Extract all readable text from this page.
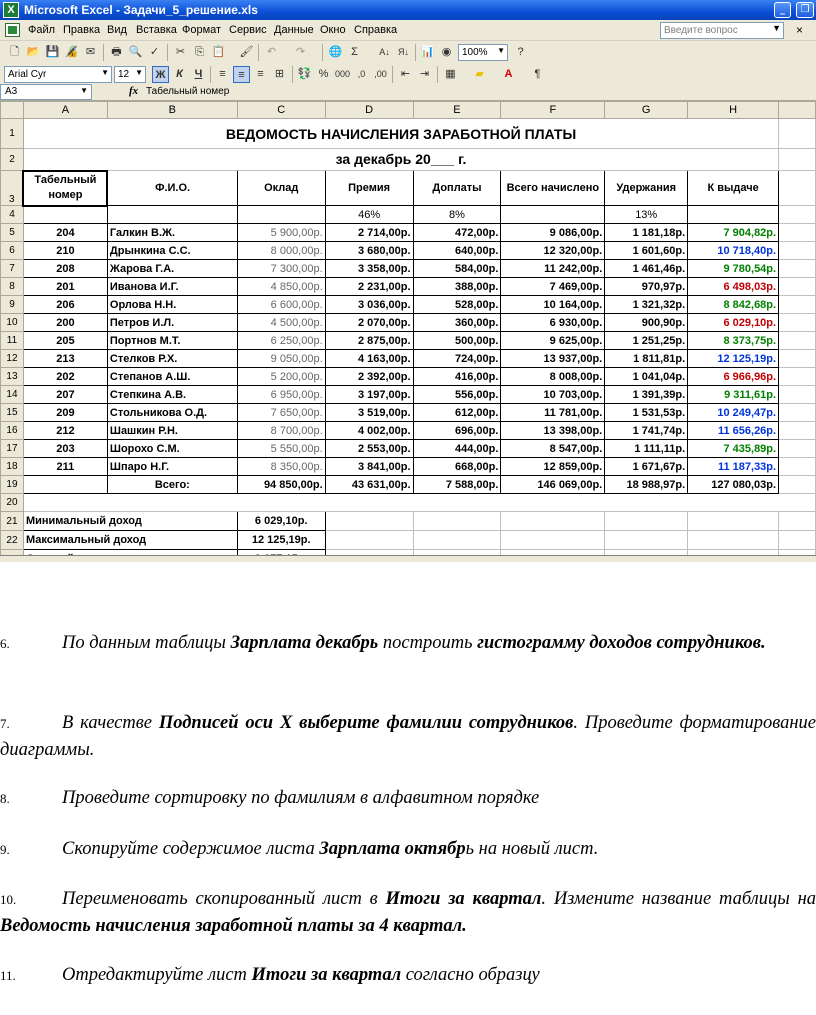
X Microsoft Excel - Задачи_5_решение.xls	_	❐
Файл Правка Вид Вставка Формат Сервис Данные Окно Справка	Введите вопрос	▼ ×
🗋 📂 💾 🔏 ✉	🖶 🔍 ✓	✂ ⎘ 📋 🖌	↶	↷	🌐 Σ	A↓ Я↓ 📊 ◉	100% ▼	?
Arial Cyr	▼ 12 ▼	Ж К	Ч	≡	≡	≡	⊞	💱 % 000 ,0 ,00	⇤ ⇥	▦	▰	A	¶
A3	▼	fx Табельный номер
	A	B	C	D	E	F	G	H	
1	ВЕДОМОСТЬ НАЧИСЛЕНИЯ ЗАРАБОТНОЙ ПЛАТЫ								
2	за декабрь 20___ г.								
3	Табельный номер	Ф.И.О.	Оклад	Премия	Доплаты	Всего начислено	Удержания	К выдаче	
4				46%	8%		13%		
5	204	Галкин В.Ж.	5 900,00р.	2 714,00р.	472,00р.	9 086,00р.	1 181,18р.	7 904,82р.	
6	210	Дрынкина С.С.	8 000,00р.	3 680,00р.	640,00р.	12 320,00р.	1 601,60р.	10 718,40р.	
7	208	Жарова Г.А.	7 300,00р.	3 358,00р.	584,00р.	11 242,00р.	1 461,46р.	9 780,54р.	
8	201	Иванова И.Г.	4 850,00р.	2 231,00р.	388,00р.	7 469,00р.	970,97р.	6 498,03р.	
9	206	Орлова Н.Н.	6 600,00р.	3 036,00р.	528,00р.	10 164,00р.	1 321,32р.	8 842,68р.	
10	200	Петров И.Л.	4 500,00р.	2 070,00р.	360,00р.	6 930,00р.	900,90р.	6 029,10р.	
11	205	Портнов М.Т.	6 250,00р.	2 875,00р.	500,00р.	9 625,00р.	1 251,25р.	8 373,75р.	
12	213	Стелков Р.Х.	9 050,00р.	4 163,00р.	724,00р.	13 937,00р.	1 811,81р.	12 125,19р.	
13	202	Степанов А.Ш.	5 200,00р.	2 392,00р.	416,00р.	8 008,00р.	1 041,04р.	6 966,96р.	
14	207	Степкина А.В.	6 950,00р.	3 197,00р.	556,00р.	10 703,00р.	1 391,39р.	9 311,61р.	
15	209	Стольникова О.Д.	7 650,00р.	3 519,00р.	612,00р.	11 781,00р.	1 531,53р.	10 249,47р.	
16	212	Шашкин Р.Н.	8 700,00р.	4 002,00р.	696,00р.	13 398,00р.	1 741,74р.	11 656,26р.	
17	203	Шорохо С.М.	5 550,00р.	2 553,00р.	444,00р.	8 547,00р.	1 111,11р.	7 435,89р.	
18	211	Шпаро Н.Г.	8 350,00р.	3 841,00р.	668,00р.	12 859,00р.	1 671,67р.	11 187,33р.	
19		Всего:	94 850,00р.	43 631,00р.	7 588,00р.	146 069,00р.	18 988,97р.	127 080,03р.	
20									
21	Минимальный доход		6 029,10р.						
22	Максимальный доход		12 125,19р.						

6.	По данным таблицы Зарплата декабрь построить гистограмму доходов сотрудников.
7.	В качестве Подписей оси X выберите фамилии сотрудников. Проведите форматирование диаграммы.
8.	Проведите сортировку по фамилиям в алфавитном порядке
9.	Скопируйте содержимое листа Зарплата октябрь на новый лист.
10. Переименовать скопированный лист в Итоги за квартал. Измените название таблицы на Ведомость начисления заработной платы за 4 квартал.
11. Отредактируйте лист Итоги за квартал согласно образцу
